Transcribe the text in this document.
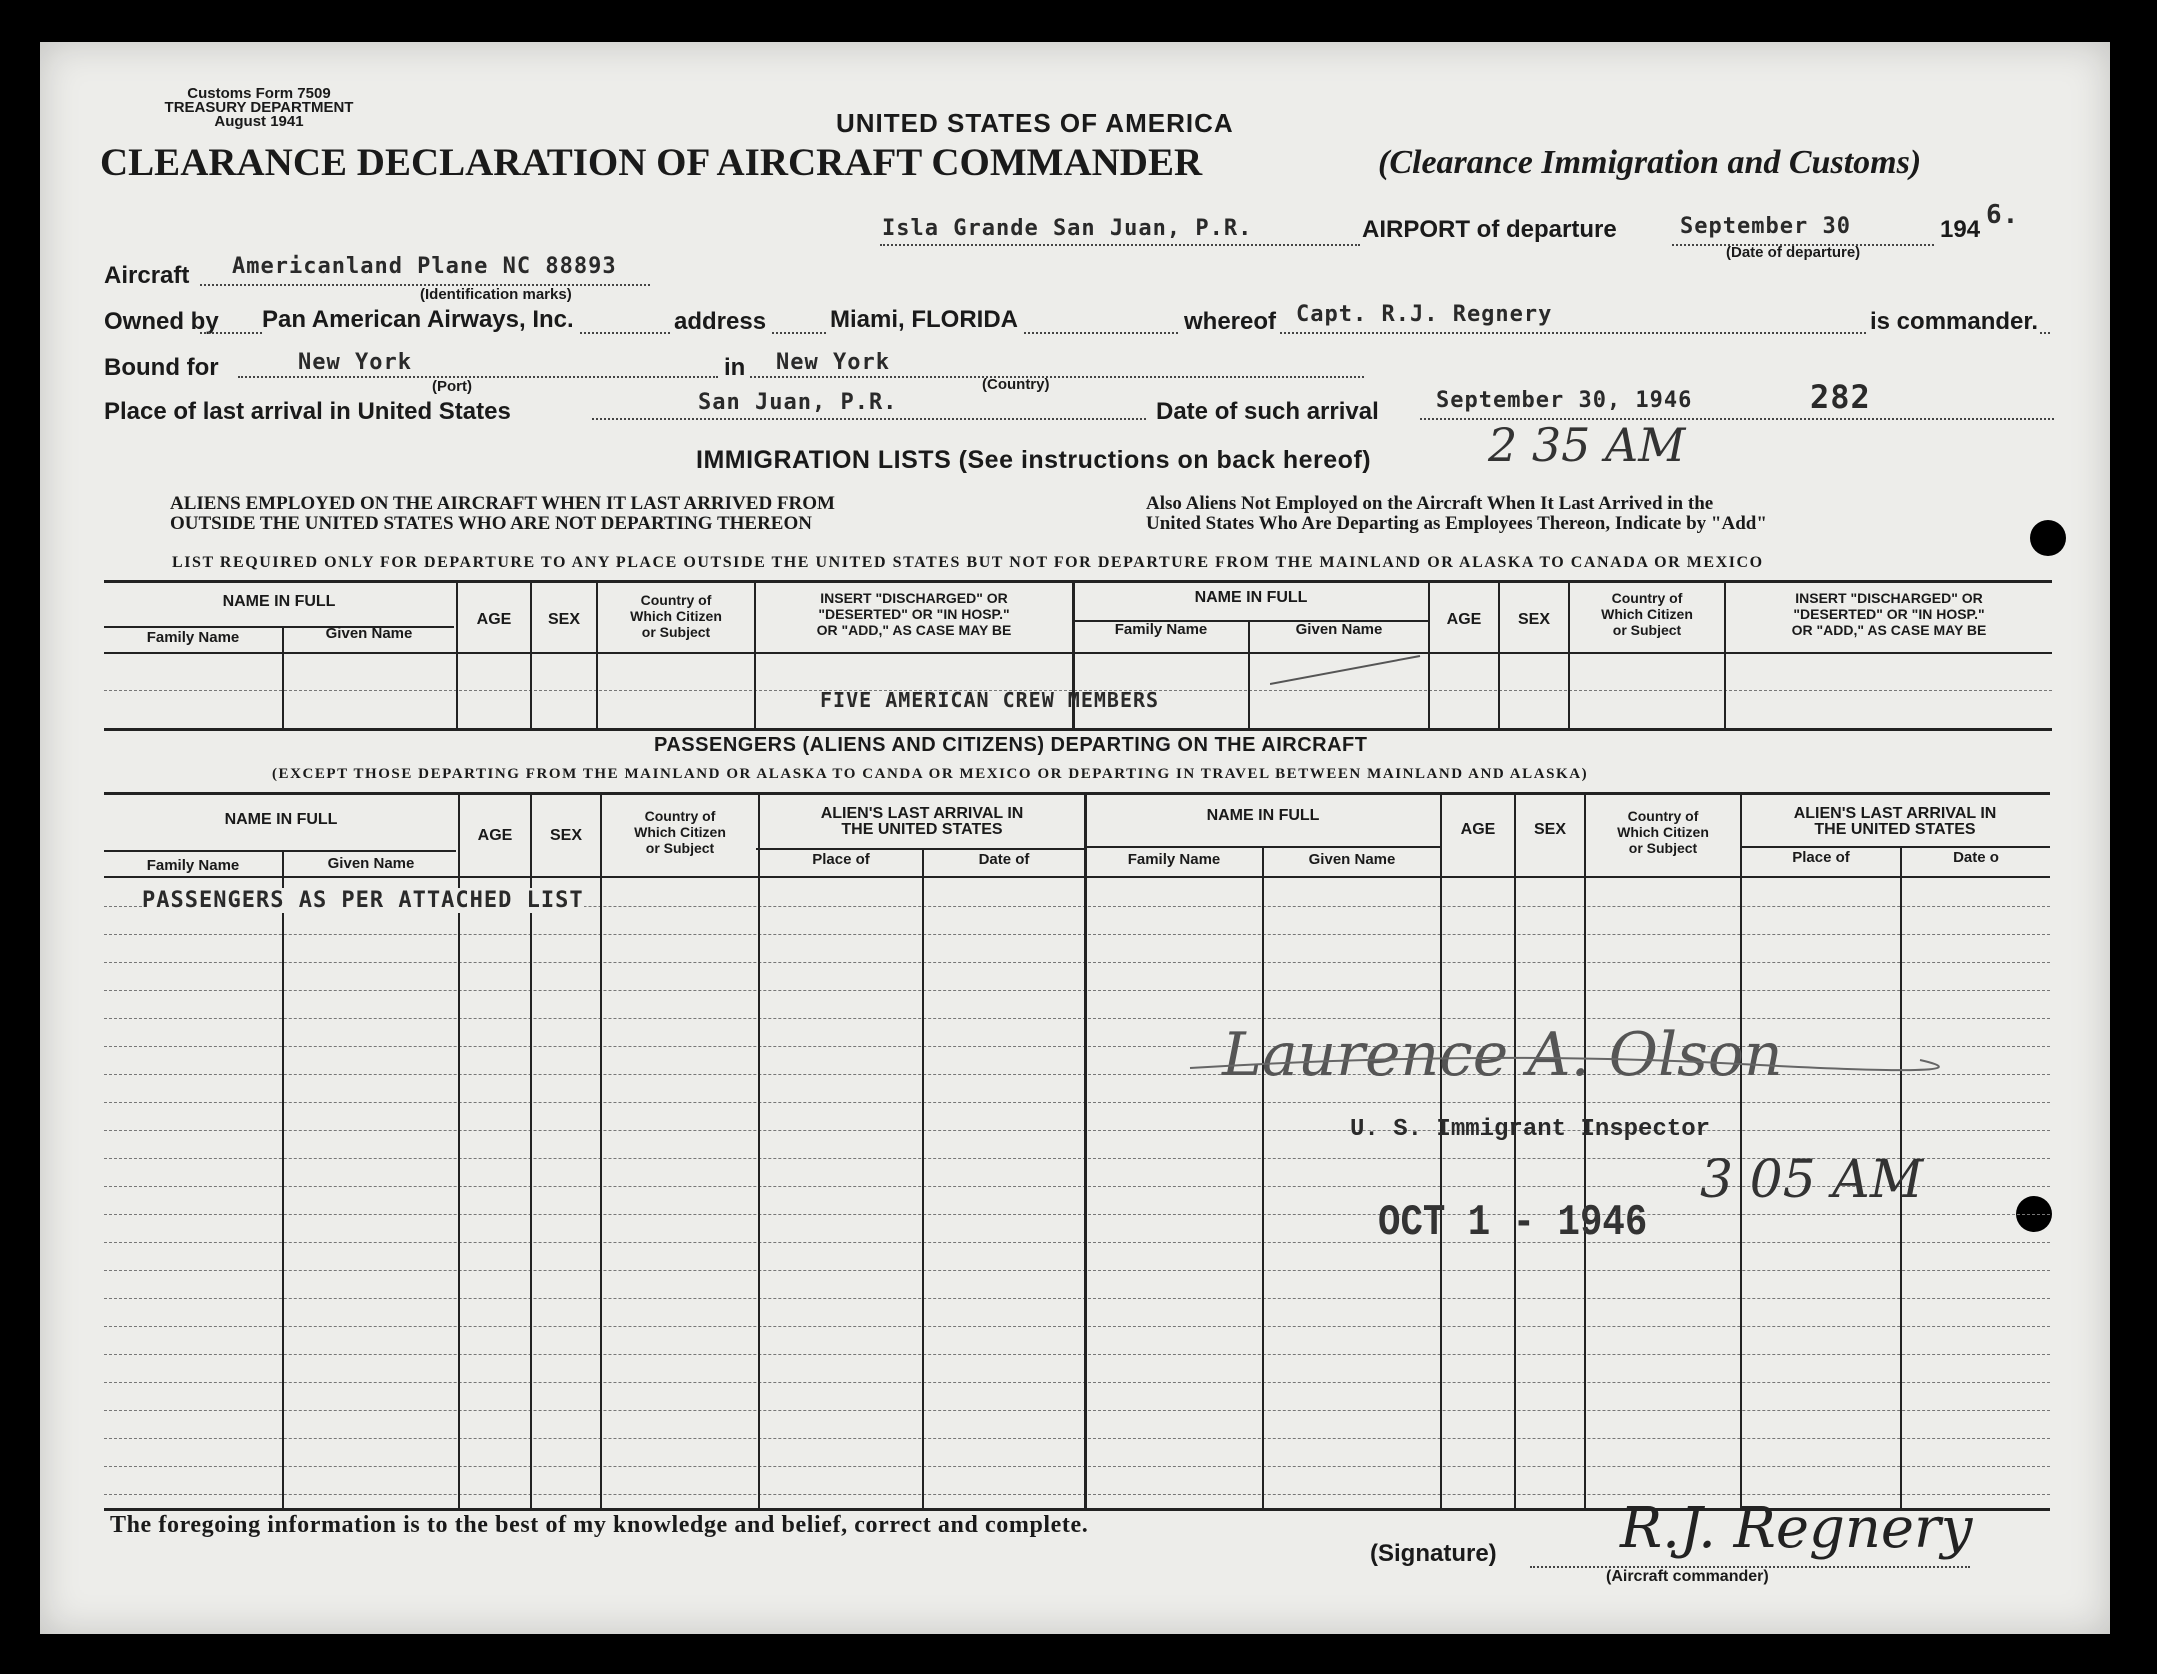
Customs Form 7509
TREASURY DEPARTMENT
August 1941	UNITED STATES OF AMERICA
CLEARANCE DECLARATION OF AIRCRAFT COMMANDER	(Clearance Immigration and Customs)
Isla Grande San Juan, P.R.	AIRPORT of departure	September 30	194 6.
(Date of departure)
Aircraft Americanland Plane NC 88893
(Identification marks)
Owned by Pan American Airways, Inc.	address	Miami, FLORIDA	whereof Capt. R.J. Regnery	is commander.
Bound for	New York
(Port)
in New York
(Country)
Place of last arrival in United States	San Juan, P.R.	Date of such arrival	September 30, 1946	282
IMMIGRATION LISTS (See instructions on back hereof)	2 35 AM
ALIENS EMPLOYED ON THE AIRCRAFT WHEN IT LAST ARRIVED FROM
OUTSIDE THE UNITED STATES WHO ARE NOT DEPARTING THEREON
Also Aliens Not Employed on the Aircraft When It Last Arrived in the
United States Who Are Departing as Employees Thereon, Indicate by "Add"
LIST REQUIRED ONLY FOR DEPARTURE TO ANY PLACE OUTSIDE THE UNITED STATES BUT NOT FOR DEPARTURE FROM THE MAINLAND OR ALASKA TO CANADA OR MEXICO
NAME IN FULL
Family Name	Given Name
AGE	SEX
Country of
Which Citizen
or Subject
INSERT "DISCHARGED" OR
"DESERTED" OR "IN HOSP."
OR "ADD," AS CASE MAY BE
NAME IN FULL
Family Name	Given Name
AGE	SEX
Country of
Which Citizen
or Subject
INSERT "DISCHARGED" OR
"DESERTED" OR "IN HOSP."
OR "ADD," AS CASE MAY BE
FIVE AMERICAN CREW MEMBERS
PASSENGERS (ALIENS AND CITIZENS) DEPARTING ON THE AIRCRAFT
(EXCEPT THOSE DEPARTING FROM THE MAINLAND OR ALASKA TO CANDA OR MEXICO OR DEPARTING IN TRAVEL BETWEEN MAINLAND AND ALASKA)
NAME IN FULL
Family Name	Given Name
AGE	SEX
Country of
Which Citizen
or Subject
ALIEN'S LAST ARRIVAL IN
THE UNITED STATES
Place of	Date of
NAME IN FULL
Family Name	Given Name
AGE	SEX
Country of
Which Citizen
or Subject
ALIEN'S LAST ARRIVAL IN
THE UNITED STATES
Place of	Date o
PASSENGERS AS PER ATTACHED LIST
Laurence A. Olson
U. S. Immigrant Inspector
OCT 1 - 1946
3 05 AM
The foregoing information is to the best of my knowledge and belief, correct and complete.
(Signature) R.J. Regnery
(Aircraft commander)
